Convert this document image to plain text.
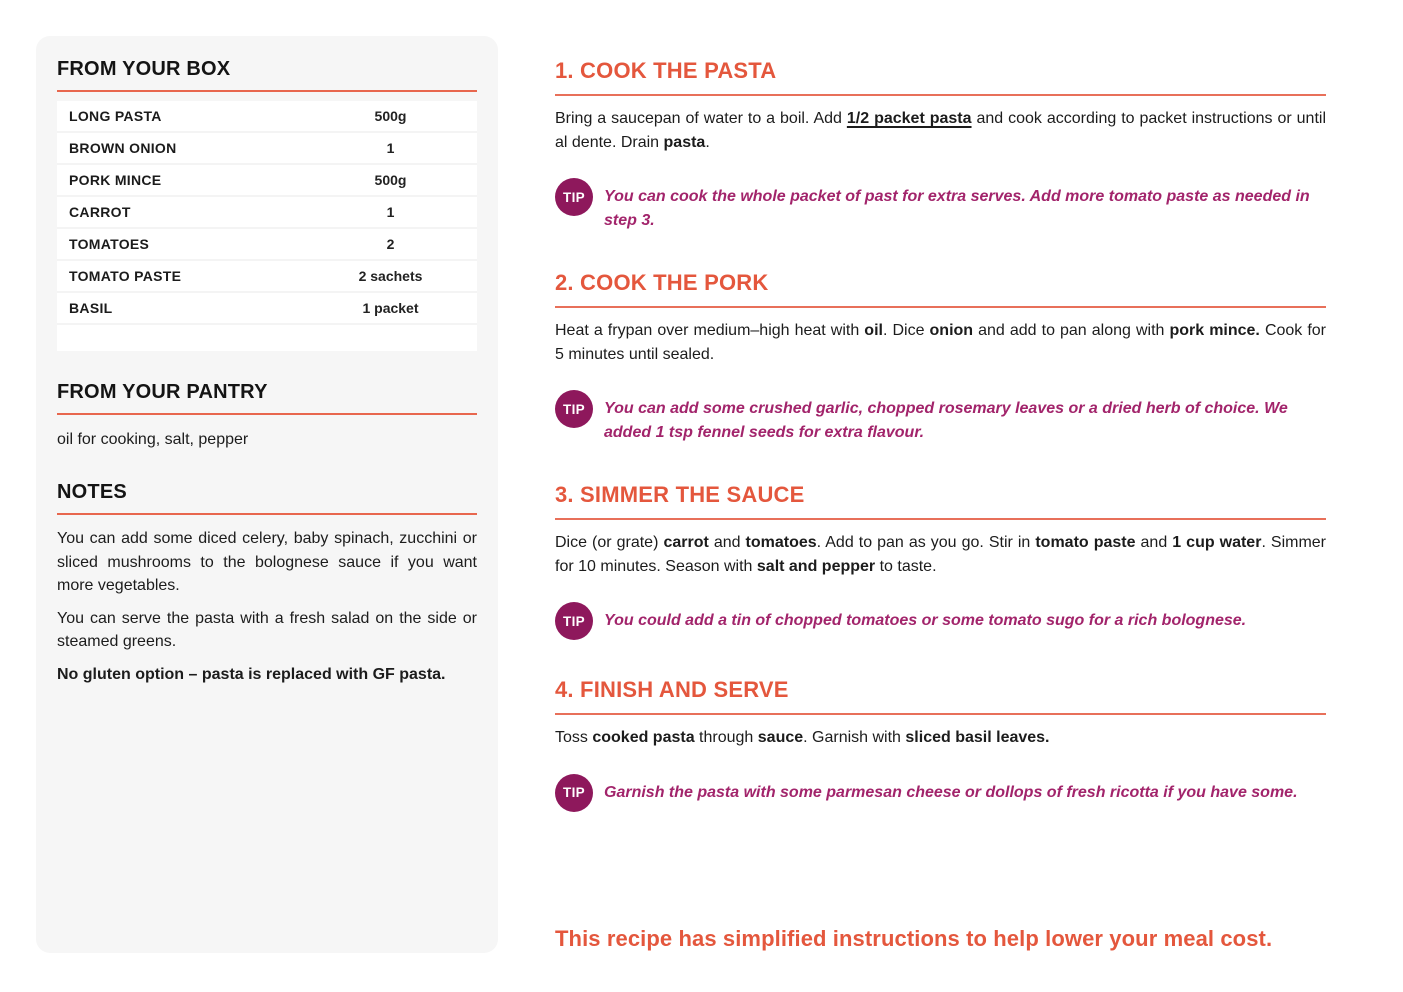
FROM YOUR BOX
LONG PASTA	500g
BROWN ONION	1
PORK MINCE	500g
CARROT	1
TOMATOES	2
TOMATO PASTE	2 sachets
BASIL	1 packet
FROM YOUR PANTRY

oil for cooking, salt, pepper

NOTES

You can add some diced celery, baby spinach, zucchini or sliced mushrooms to the bolognese sauce if you want more vegetables.

You can serve the pasta with a fresh salad on the side or steamed greens.

No gluten option – pasta is replaced with GF pasta.

1. COOK THE PASTA

Bring a saucepan of water to a boil. Add 1/2 packet pasta and cook according to packet instructions or until al dente. Drain pasta.

TIP	You can cook the whole packet of past for extra serves. Add more tomato paste as needed in step 3.
2. COOK THE PORK

Heat a frypan over medium–high heat with oil. Dice onion and add to pan along with pork mince. Cook for 5 minutes until sealed.

TIP	You can add some crushed garlic, chopped rosemary leaves or a dried herb of choice. We added 1 tsp fennel seeds for extra flavour.
3. SIMMER THE SAUCE

Dice (or grate) carrot and tomatoes. Add to pan as you go. Stir in tomato paste and 1 cup water. Simmer for 10 minutes. Season with salt and pepper to taste.

TIP	You could add a tin of chopped tomatoes or some tomato sugo for a rich bolognese.
4. FINISH AND SERVE

Toss cooked pasta through sauce. Garnish with sliced basil leaves.

TIP	Garnish the pasta with some parmesan cheese or dollops of fresh ricotta if you have some.
This recipe has simplified instructions to help lower your meal cost.
